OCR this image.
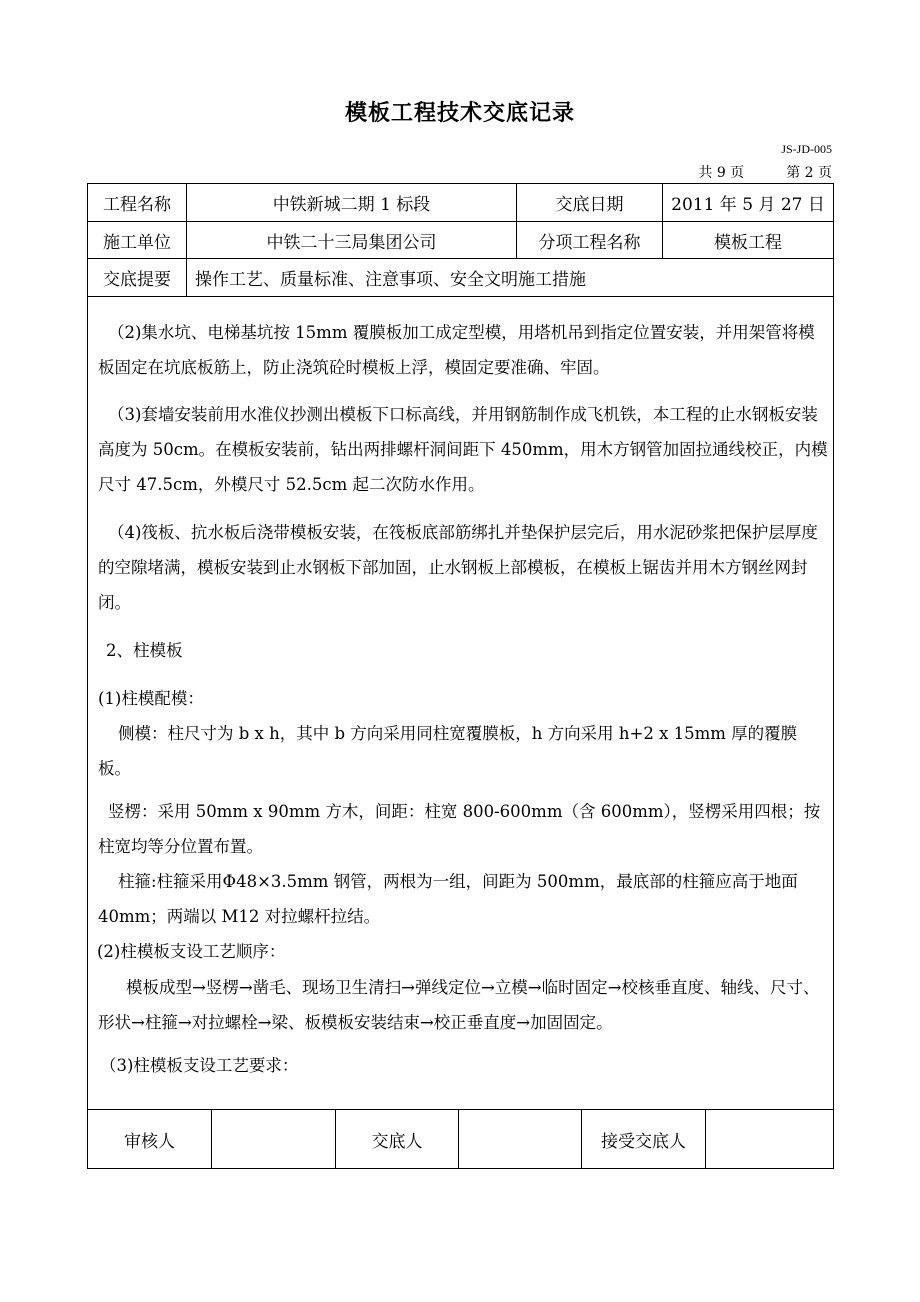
模板工程技术交底记录
JS-JD-005
共 9 页	第 2 页
工程名称	中铁新城二期 1 标段	交底日期	2011 年 5 月 27 日
施工单位	中铁二十三局集团公司	分项工程名称	模板工程
交底提要	操作工艺、质量标准、注意事项、安全文明施工措施
（2)集水坑、电梯基坑按 15mm 覆膜板加工成定型模，用塔机吊到指定位置安装，并用架管将模板固定在坑底板筋上，防止浇筑砼时模板上浮，模固定要准确、牢固。
（3)套墙安装前用水准仪抄测出模板下口标高线，并用钢筋制作成飞机铁，本工程的止水钢板安装高度为 50cm。在模板安装前，钻出两排螺杆洞间距下 450mm，用木方钢管加固拉通线校正，内模尺寸 47.5cm，外模尺寸 52.5cm 起二次防水作用。
（4)筏板、抗水板后浇带模板安装，在筏板底部筋绑扎并垫保护层完后，用水泥砂浆把保护层厚度的空隙堵满，模板安装到止水钢板下部加固，止水钢板上部模板，在模板上锯齿并用木方钢丝网封闭。
2、柱模板
(1)柱模配模：
侧模：柱尺寸为 b x h，其中 b 方向采用同柱宽覆膜板，h 方向采用 h+2 x 15mm 厚的覆膜板。
竖楞：采用 50mm x 90mm 方木，间距：柱宽 800-600mm（含 600mm），竖楞采用四根；按柱宽均等分位置布置。
柱箍:柱箍采用Φ48×3.5mm 钢管，两根为一组，间距为 500mm，最底部的柱箍应高于地面 40mm；两端以 M12 对拉螺杆拉结。
(2)柱模板支设工艺顺序：
模板成型→竖楞→凿毛、现场卫生清扫→弹线定位→立模→临时固定→校核垂直度、轴线、尺寸、形状→柱箍→对拉螺栓→梁、板模板安装结束→校正垂直度→加固固定。
（3)柱模板支设工艺要求：
审核人	交底人	接受交底人
